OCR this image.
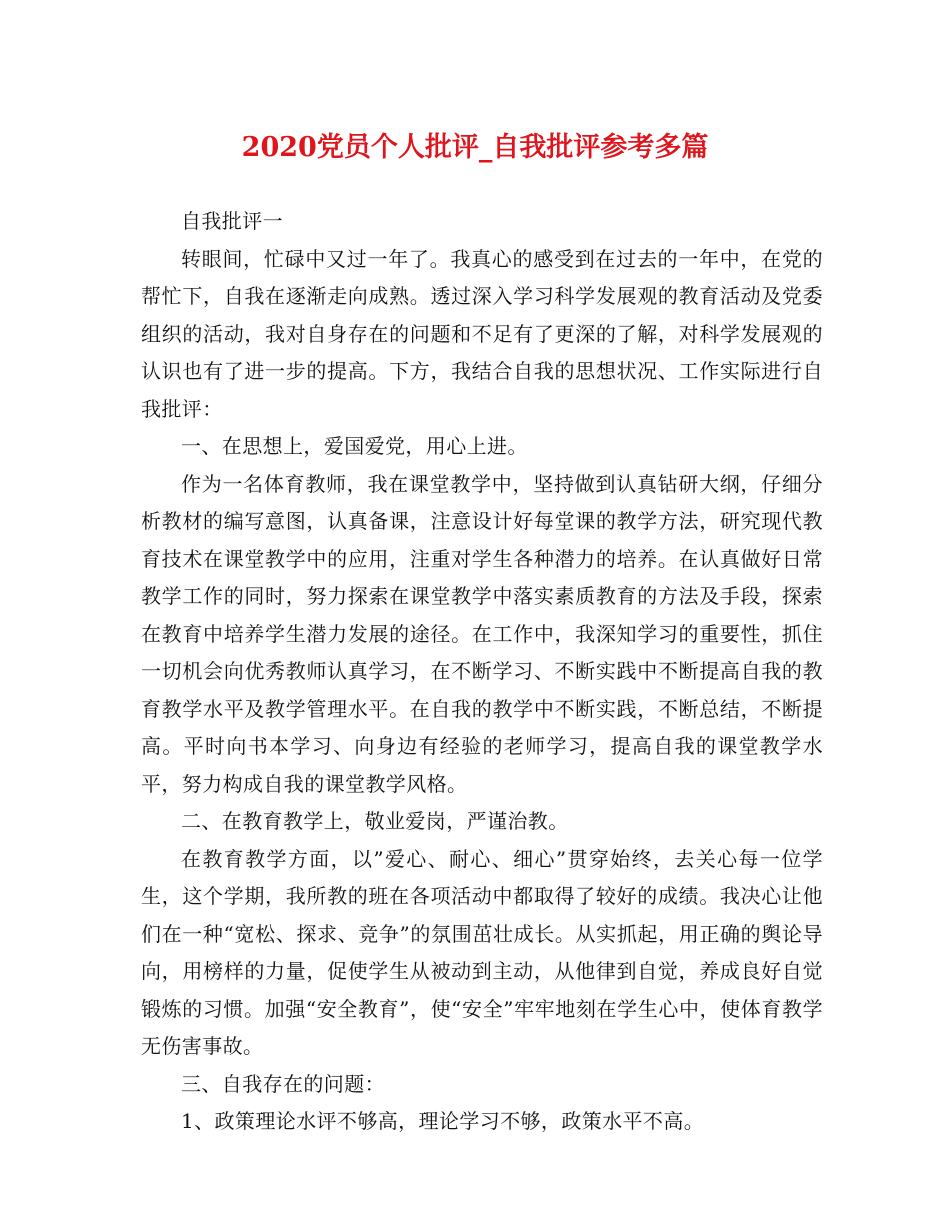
2020党员个人批评_自我批评参考多篇

自我批评一

转眼间，忙碌中又过一年了。我真心的感受到在过去的一年中，在党的帮忙下，自我在逐渐走向成熟。透过深入学习科学发展观的教育活动及党委组织的活动，我对自身存在的问题和不足有了更深的了解，对科学发展观的认识也有了进一步的提高。下方，我结合自我的思想状况、工作实际进行自我批评：

一、在思想上，爱国爱党，用心上进。

作为一名体育教师，我在课堂教学中，坚持做到认真钻研大纲，仔细分析教材的编写意图，认真备课，注意设计好每堂课的教学方法，研究现代教育技术在课堂教学中的应用，注重对学生各种潜力的培养。在认真做好日常教学工作的同时，努力探索在课堂教学中落实素质教育的方法及手段，探索在教育中培养学生潜力发展的途径。在工作中，我深知学习的重要性，抓住一切机会向优秀教师认真学习，在不断学习、不断实践中不断提高自我的教育教学水平及教学管理水平。在自我的教学中不断实践，不断总结，不断提高。平时向书本学习、向身边有经验的老师学习，提高自我的课堂教学水平，努力构成自我的课堂教学风格。

二、在教育教学上，敬业爱岗，严谨治教。

在教育教学方面，以”爱心、耐心、细心”贯穿始终，去关心每一位学生，这个学期，我所教的班在各项活动中都取得了较好的成绩。我决心让他们在一种“宽松、探求、竞争”的氛围茁壮成长。从实抓起，用正确的舆论导向，用榜样的力量，促使学生从被动到主动，从他律到自觉，养成良好自觉锻炼的习惯。加强“安全教育”，使“安全”牢牢地刻在学生心中，使体育教学无伤害事故。

三、自我存在的问题：

1、政策理论水评不够高，理论学习不够，政策水平不高。
